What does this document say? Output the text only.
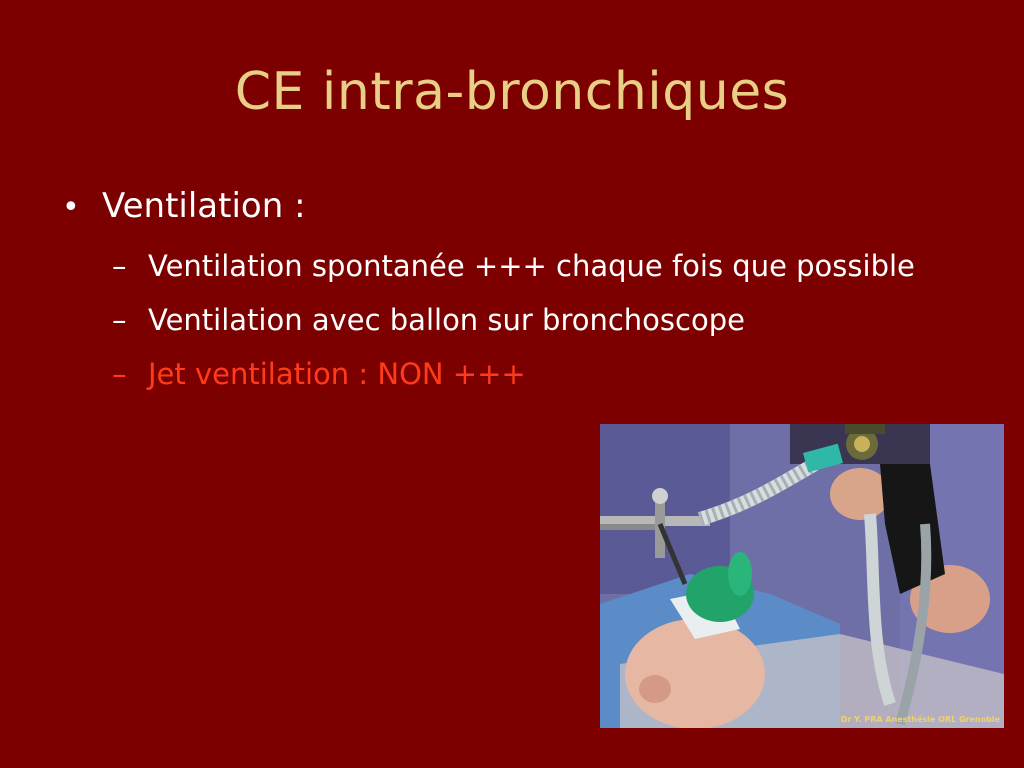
CE intra-bronchiques
• Ventilation :
– Ventilation spontanée +++ chaque fois que possible
– Ventilation avec ballon sur bronchoscope
– Jet ventilation : NON +++
Dr Y. PRA Anesthésie ORL Grenoble
